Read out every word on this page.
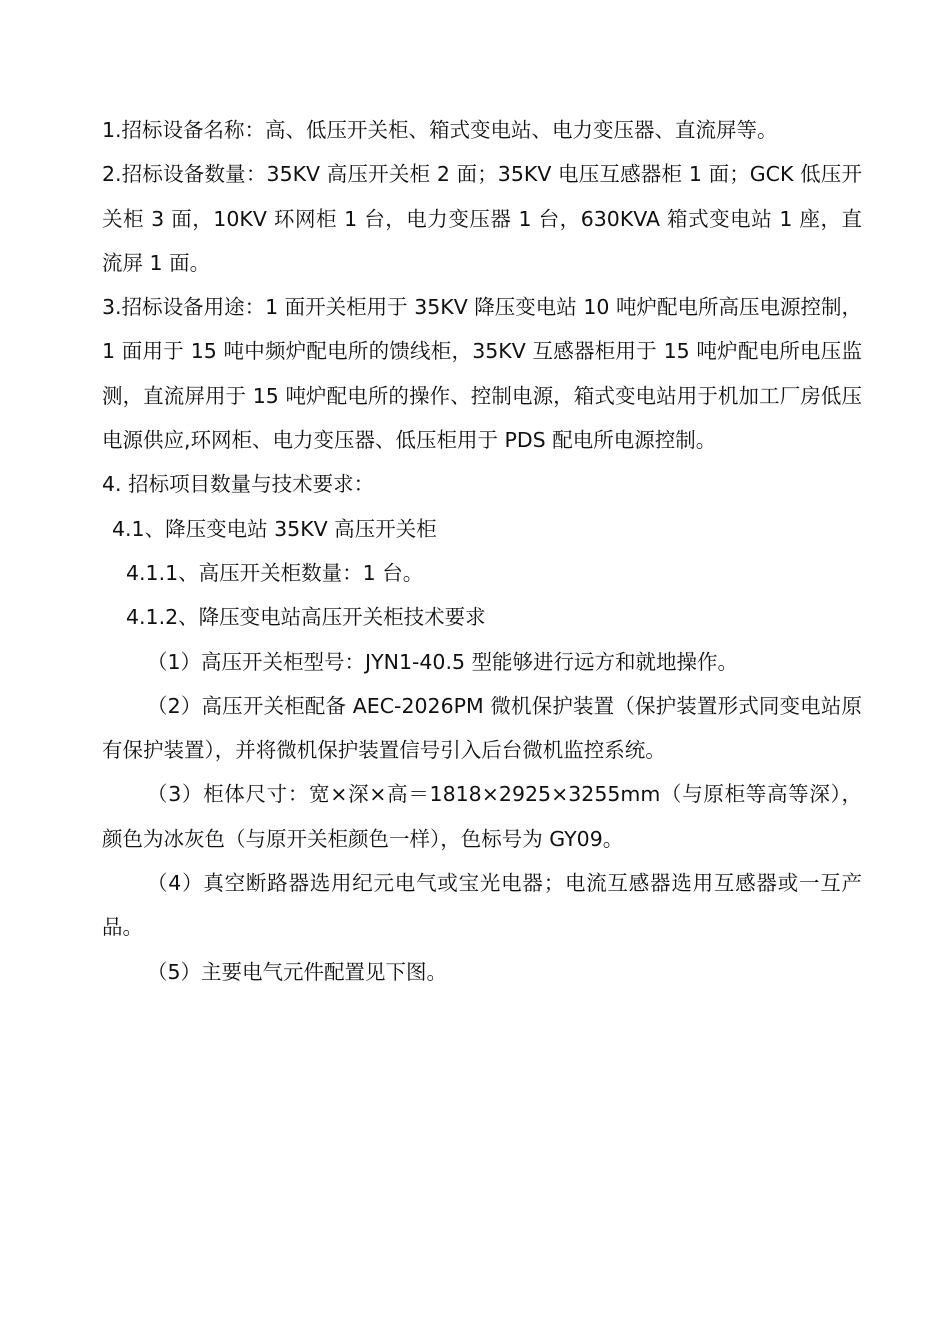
1.招标设备名称：高、低压开关柜、箱式变电站、电力变压器、直流屏等。

2.招标设备数量：35KV 高压开关柜 2 面；35KV 电压互感器柜 1 面；GCK 低压开关柜 3 面，10KV 环网柜 1 台，电力变压器 1 台，630KVA 箱式变电站 1 座，直流屏 1 面。

3.招标设备用途：1 面开关柜用于 35KV 降压变电站 10 吨炉配电所高压电源控制，1 面用于 15 吨中频炉配电所的馈线柜，35KV 互感器柜用于 15 吨炉配电所电压监测，直流屏用于 15 吨炉配电所的操作、控制电源，箱式变电站用于机加工厂房低压电源供应,环网柜、电力变压器、低压柜用于 PDS 配电所电源控制。

4. 招标项目数量与技术要求：

4.1、降压变电站 35KV 高压开关柜

4.1.1、高压开关柜数量：1 台。

4.1.2、降压变电站高压开关柜技术要求

（1）高压开关柜型号：JYN1-40.5 型能够进行远方和就地操作。

（2）高压开关柜配备 AEC-2026PM 微机保护装置（保护装置形式同变电站原有保护装置），并将微机保护装置信号引入后台微机监控系统。

（3）柜体尺寸：宽×深×高＝1818×2925×3255mm（与原柜等高等深），颜色为冰灰色（与原开关柜颜色一样），色标号为 GY09。

（4）真空断路器选用纪元电气或宝光电器；电流互感器选用互感器或一互产品。

（5）主要电气元件配置见下图。
